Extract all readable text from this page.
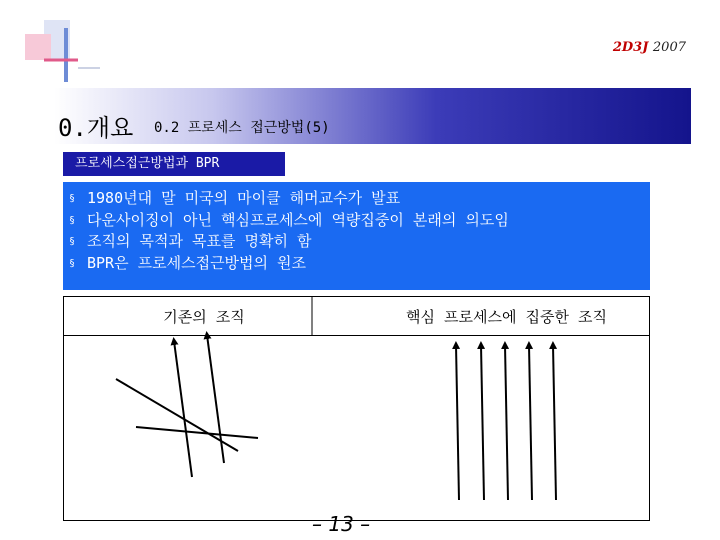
2D3J 2007
0.개요 0.2 프로세스 접근방법(5)
프로세스접근방법과 BPR
§ 1980년대 말 미국의 마이클 해머교수가 발표
§ 다운사이징이 아닌 핵심프로세스에 역량집중이 본래의 의도임
§ 조직의 목적과 목표를 명확히 함
§ BPR은 프로세스접근방법의 원조
기존의 조직	핵심 프로세스에 집중한 조직
– 13 –
